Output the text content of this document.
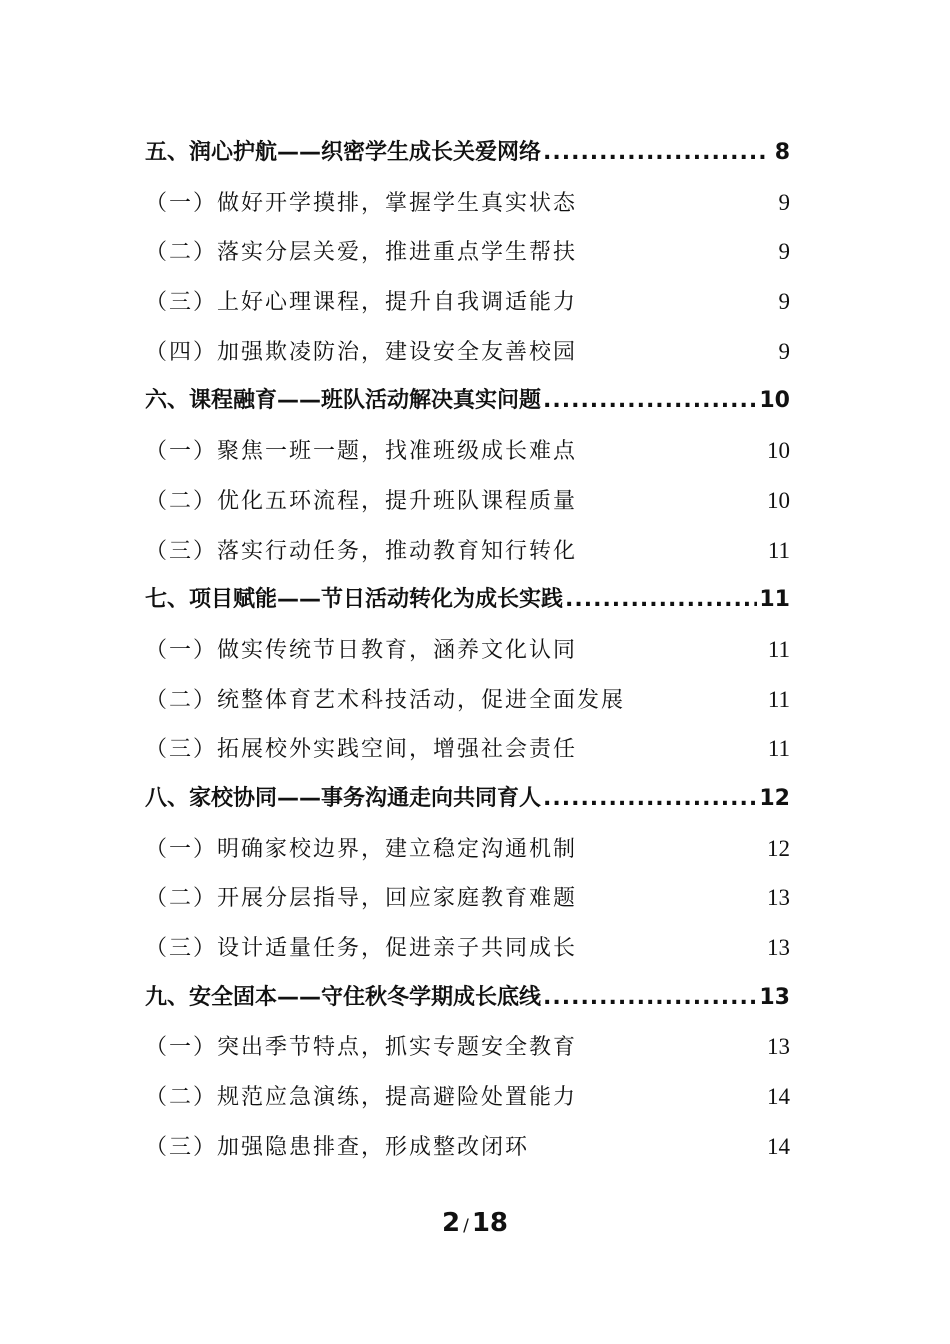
五、润心护航——织密学生成长关爱网络 .....	8
（一）做好开学摸排，掌握学生真实状态	9
（二）落实分层关爱，推进重点学生帮扶	9
（三）上好心理课程，提升自我调适能力	9
（四）加强欺凌防治，建设安全友善校园	9
六、课程融育——班队活动解决真实问题 .....	10
（一）聚焦一班一题，找准班级成长难点	10
（二）优化五环流程，提升班队课程质量	10
（三）落实行动任务，推动教育知行转化	11
七、项目赋能——节日活动转化为成长实践 .....	11
（一）做实传统节日教育，涵养文化认同	11
（二）统整体育艺术科技活动，促进全面发展	11
（三）拓展校外实践空间，增强社会责任	11
八、家校协同——事务沟通走向共同育人 .....	12
（一）明确家校边界，建立稳定沟通机制	12
（二）开展分层指导，回应家庭教育难题	13
（三）设计适量任务，促进亲子共同成长	13
九、安全固本——守住秋冬学期成长底线 .....	13
（一）突出季节特点，抓实专题安全教育	13
（二）规范应急演练，提高避险处置能力	14
（三）加强隐患排查，形成整改闭环	14
2 / 18
